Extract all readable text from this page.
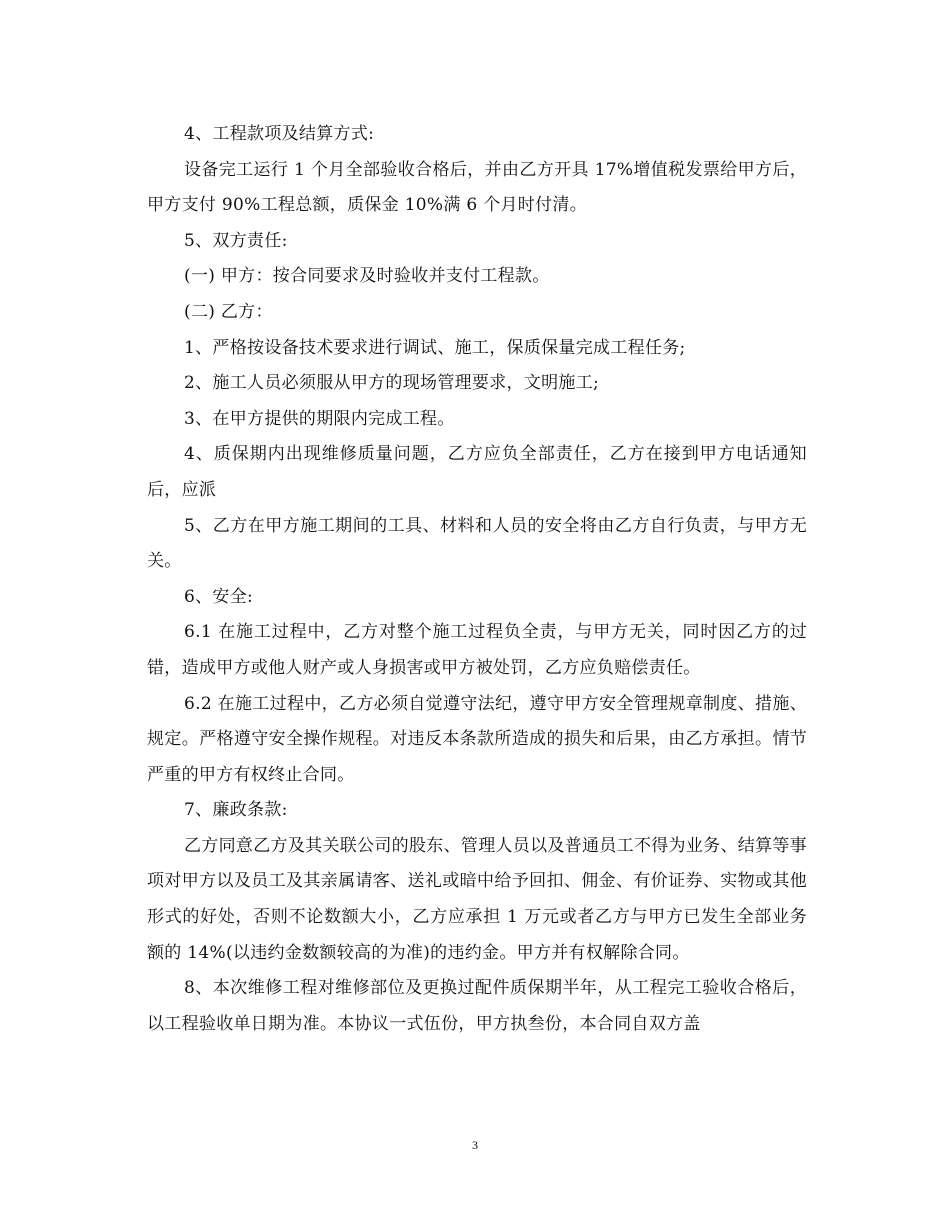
4、工程款项及结算方式:

设备完工运行 1 个月全部验收合格后，并由乙方开具 17%增值税发票给甲方后，甲方支付 90%工程总额，质保金 10%满 6 个月时付清。

5、双方责任:

(一) 甲方：按合同要求及时验收并支付工程款。

(二) 乙方：

1、严格按设备技术要求进行调试、施工，保质保量完成工程任务;

2、施工人员必须服从甲方的现场管理要求，文明施工;

3、在甲方提供的期限内完成工程。

4、质保期内出现维修质量问题，乙方应负全部责任，乙方在接到甲方电话通知后，应派

5、乙方在甲方施工期间的工具、材料和人员的安全将由乙方自行负责，与甲方无关。

6、安全:

6.1 在施工过程中，乙方对整个施工过程负全责，与甲方无关，同时因乙方的过错，造成甲方或他人财产或人身损害或甲方被处罚，乙方应负赔偿责任。

6.2 在施工过程中，乙方必须自觉遵守法纪，遵守甲方安全管理规章制度、措施、规定。严格遵守安全操作规程。对违反本条款所造成的损失和后果，由乙方承担。情节严重的甲方有权终止合同。

7、廉政条款:

乙方同意乙方及其关联公司的股东、管理人员以及普通员工不得为业务、结算等事项对甲方以及员工及其亲属请客、送礼或暗中给予回扣、佣金、有价证券、实物或其他形式的好处，否则不论数额大小，乙方应承担 1 万元或者乙方与甲方已发生全部业务额的 14%(以违约金数额较高的为准)的违约金。甲方并有权解除合同。

8、本次维修工程对维修部位及更换过配件质保期半年，从工程完工验收合格后，以工程验收单日期为准。本协议一式伍份，甲方执叁份，本合同自双方盖

3
